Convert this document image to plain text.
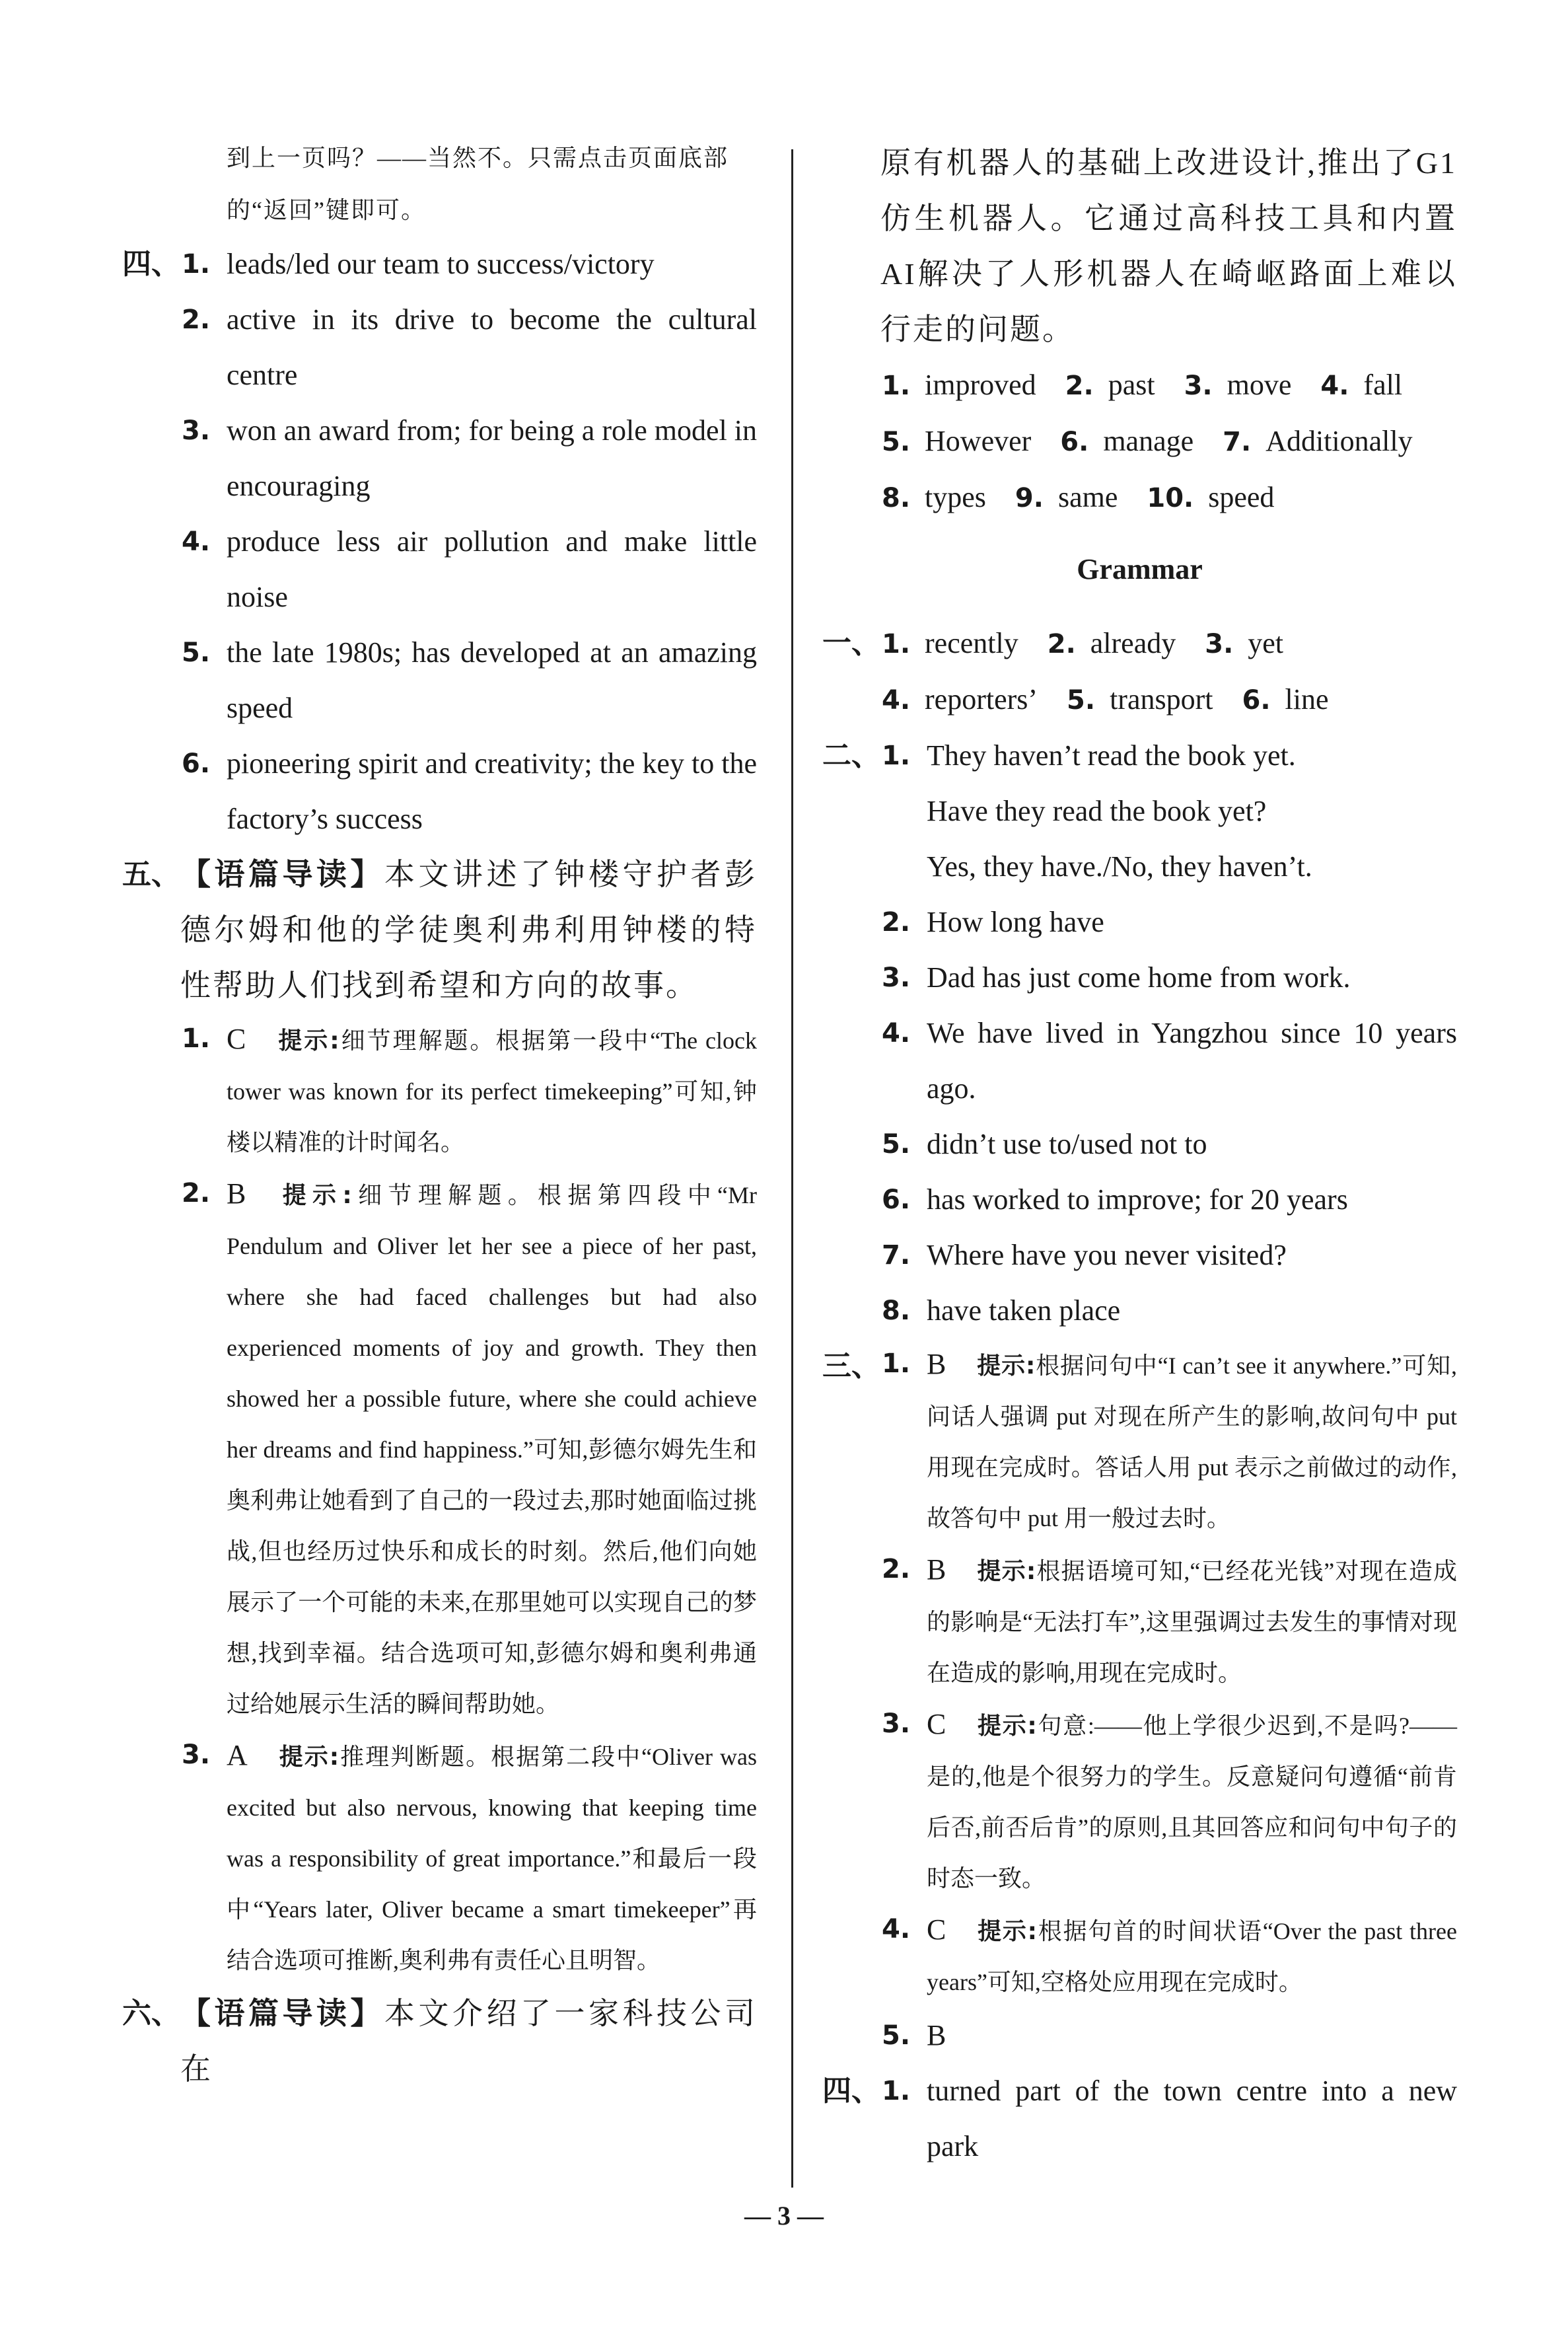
到上一页吗？——当然不。只需点击页面底部的“返回”键即可。
四、 1. leads/led our team to success/victory
2. active in its drive to become the cultural centre
3. won an award from; for being a role model in encouraging
4. produce less air pollution and make little noise
5. the late 1980s; has developed at an amazing speed
6. pioneering spirit and creativity; the key to the factory’s success
五、 【语篇导读】本文讲述了钟楼守护者彭德尔姆和他的学徒奥利弗利用钟楼的特性帮助人们找到希望和方向的故事。
1. C 提示:细节理解题。根据第一段中“The clock tower was known for its perfect timekeeping”可知,钟楼以精准的计时闻名。
2. B 提示:细节理解题。根据第四段中“Mr Pendulum and Oliver let her see a piece of her past, where she had faced challenges but had also experienced moments of joy and growth. They then showed her a possible future, where she could achieve her dreams and find happiness.”可知,彭德尔姆先生和奥利弗让她看到了自己的一段过去,那时她面临过挑战,但也经历过快乐和成长的时刻。然后,他们向她展示了一个可能的未来,在那里她可以实现自己的梦想,找到幸福。结合选项可知,彭德尔姆和奥利弗通过给她展示生活的瞬间帮助她。
3. A 提示:推理判断题。根据第二段中“Oliver was excited but also nervous, knowing that keeping time was a responsibility of great importance.”和最后一段中“Years later, Oliver became a smart timekeeper”再结合选项可推断,奥利弗有责任心且明智。
六、 【语篇导读】本文介绍了一家科技公司在
原有机器人的基础上改进设计,推出了G1仿生机器人。它通过高科技工具和内置AI解决了人形机器人在崎岖路面上难以行走的问题。
1. improved 2. past 3. move 4. fall
5. However 6. manage 7. Additionally
8. types 9. same 10. speed
Grammar
一、 1. recently 2. already 3. yet
4. reporters’ 5. transport 6. line
二、 1. They haven’t read the book yet.
Have they read the book yet?
Yes, they have./No, they haven’t.
2. How long have
3. Dad has just come home from work.
4. We have lived in Yangzhou since 10 years ago.
5. didn’t use to/used not to
6. has worked to improve; for 20 years
7. Where have you never visited?
8. have taken place
三、 1. B 提示:根据问句中“I can’t see it anywhere.”可知,问话人强调 put 对现在所产生的影响,故问句中 put 用现在完成时。答话人用 put 表示之前做过的动作,故答句中 put 用一般过去时。
2. B 提示:根据语境可知,“已经花光钱”对现在造成的影响是“无法打车”,这里强调过去发生的事情对现在造成的影响,用现在完成时。
3. C 提示:句意:——他上学很少迟到,不是吗?——是的,他是个很努力的学生。反意疑问句遵循“前肯后否,前否后肯”的原则,且其回答应和问句中句子的时态一致。
4. C 提示:根据句首的时间状语“Over the past three years”可知,空格处应用现在完成时。
5. B
四、 1. turned part of the town centre into a new park
— 3 —
